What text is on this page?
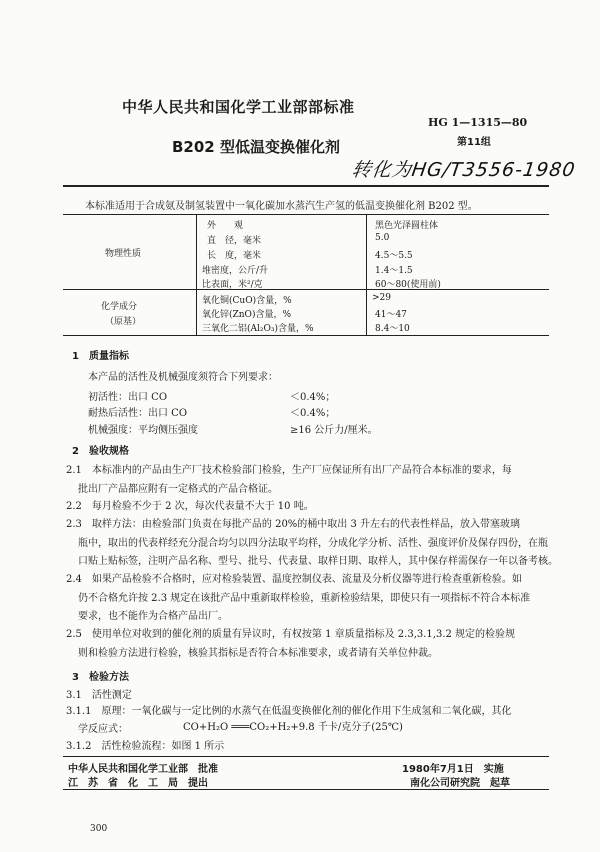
中华人民共和国化学工业部部标准
HG 1—1315—80
第11组
B202 型低温变换催化剂
转化为HG/T3556-1980
本标准适用于合成氨及制氢装置中一氧化碳加水蒸汽生产氢的低温变换催化剂 B202 型。
物理性质
外　　观	黑色光泽圆柱体
直　径，毫米	5.0
长　度，毫米	4.5～5.5
堆密度，公斤/升	1.4～1.5
比表面，米²/克	60～80(使用前)
化学成分
（原基）
氧化铜(CuO)含量，%	>29
氧化锌(ZnO)含量，%	41～47
三氧化二铝(Al₂O₃)含量，%	8.4～10
1　质量指标
本产品的活性及机械强度须符合下列要求：
初活性：出口 CO	＜0.4%；
耐热后活性：出口 CO	＜0.4%；
机械强度：平均侧压强度	≥16 公斤力/厘米。
2　验收规格
2.1　本标准内的产品由生产厂技术检验部门检验，生产厂应保证所有出厂产品符合本标准的要求，每
批出厂产品都应附有一定格式的产品合格证。
2.2　每月检验不少于 2 次，每次代表量不大于 10 吨。
2.3　取样方法：由检验部门负责在每批产品的 20%的桶中取出 3 升左右的代表性样品，放入带塞玻璃
瓶中，取出的代表样经充分混合均匀以四分法取平均样，分成化学分析、活性、强度评价及保存四份，在瓶
口贴上贴标签，注明产品名称、型号、批号、代表量、取样日期、取样人，其中保存样需保存一年以备考核。
2.4　如果产品检验不合格时，应对检验装置、温度控制仪表、流量及分析仪器等进行检查重新检验。如
仍不合格允许按 2.3 规定在该批产品中重新取样检验，重新检验结果，即使只有一项指标不符合本标准
要求，也不能作为合格产品出厂。
2.5　使用单位对收到的催化剂的质量有异议时，有权按第 1 章质量指标及 2.3,3.1,3.2 规定的检验规
则和检验方法进行检验，核验其指标是否符合本标准要求，或者请有关单位仲裁。
3　检验方法
3.1　活性测定
3.1.1　原理：一氧化碳与一定比例的水蒸气在低温变换催化剂的催化作用下生成氢和二氧化碳，其化
学反应式：	CO+H₂O ═══CO₂+H₂+9.8 千卡/克分子(25℃)
3.1.2　活性检验流程：如图 1 所示
中华人民共和国化学工业部　批准	1980年7月1日　实施
江　苏　省　化　工　局　提出	南化公司研究院　起草
300
